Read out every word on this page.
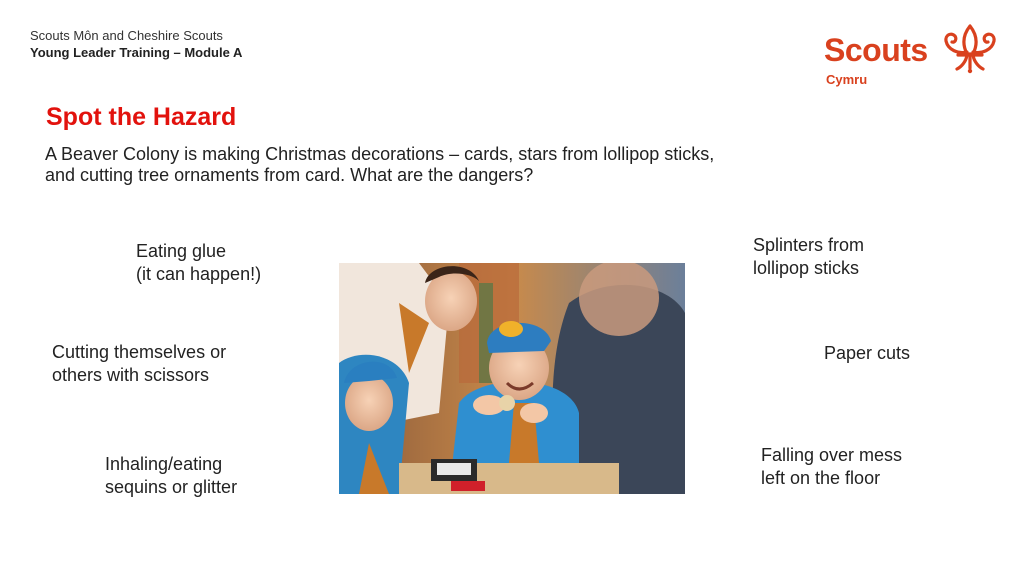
Scouts Môn and Cheshire Scouts
Young Leader Training – Module A	Scouts
Cymru
Spot the Hazard
A Beaver Colony is making Christmas decorations – cards, stars from lollipop sticks, and cutting tree ornaments from card. What are the dangers?
Eating glue
(it can happen!)
Cutting themselves or
others with scissors
Inhaling/eating
sequins or glitter
Splinters from
lollipop sticks
Paper cuts
Falling over mess
left on the floor
